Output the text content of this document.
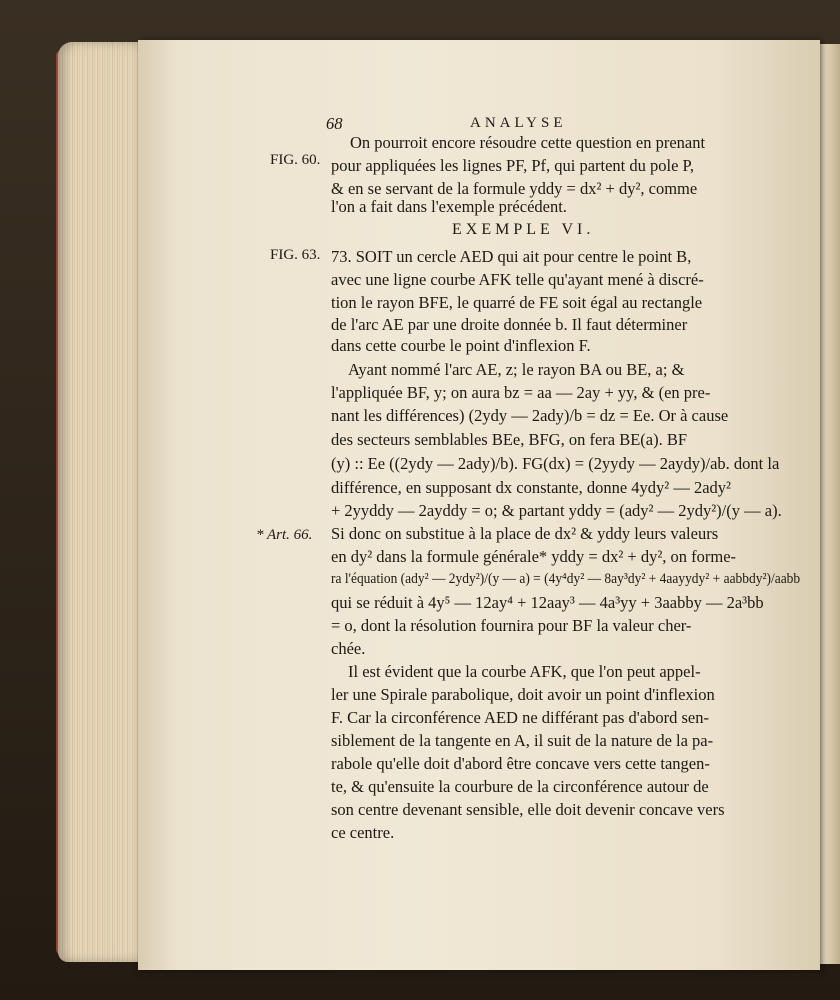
68	ANALYSE
FIG. 60.
FIG. 63.
* Art. 66.
On pourroit encore résoudre cette question en prenant
pour appliquées les lignes PF, Pf, qui partent du pole P,
& en se servant de la formule yddy = dx² + dy², comme
l'on a fait dans l'exemple précédent.
EXEMPLE VI.
73. SOIT un cercle AED qui ait pour centre le point B,
avec une ligne courbe AFK telle qu'ayant mené à discré-
tion le rayon BFE, le quarré de FE soit égal au rectangle
de l'arc AE par une droite donnée b. Il faut déterminer
dans cette courbe le point d'inflexion F.
Ayant nommé l'arc AE, z; le rayon BA ou BE, a; &
l'appliquée BF, y; on aura bz = aa — 2ay + yy, & (en pre-
nant les différences) (2ydy — 2ady)/b = dz = Ee. Or à cause
des secteurs semblables BEe, BFG, on fera BE(a). BF
(y) :: Ee ((2ydy — 2ady)/b). FG(dx) = (2yydy — 2aydy)/ab. dont la
différence, en supposant dx constante, donne 4ydy² — 2ady²
+ 2yyddy — 2ayddy = o; & partant yddy = (ady² — 2ydy²)/(y — a).
Si donc on substitue à la place de dx² & yddy leurs valeurs
en dy² dans la formule générale* yddy = dx² + dy², on forme-
ra l'équation (ady² — 2ydy²)/(y — a) = (4y⁴dy² — 8ay³dy² + 4aayydy² + aabbdy²)/aabb
qui se réduit à 4y⁵ — 12ay⁴ + 12aay³ — 4a³yy + 3aabby — 2a³bb
= o, dont la résolution fournira pour BF la valeur cher-
chée.
Il est évident que la courbe AFK, que l'on peut appel-
ler une Spirale parabolique, doit avoir un point d'inflexion
F. Car la circonférence AED ne différant pas d'abord sen-
siblement de la tangente en A, il suit de la nature de la pa-
rabole qu'elle doit d'abord être concave vers cette tangen-
te, & qu'ensuite la courbure de la circonférence autour de
son centre devenant sensible, elle doit devenir concave vers
ce centre.
